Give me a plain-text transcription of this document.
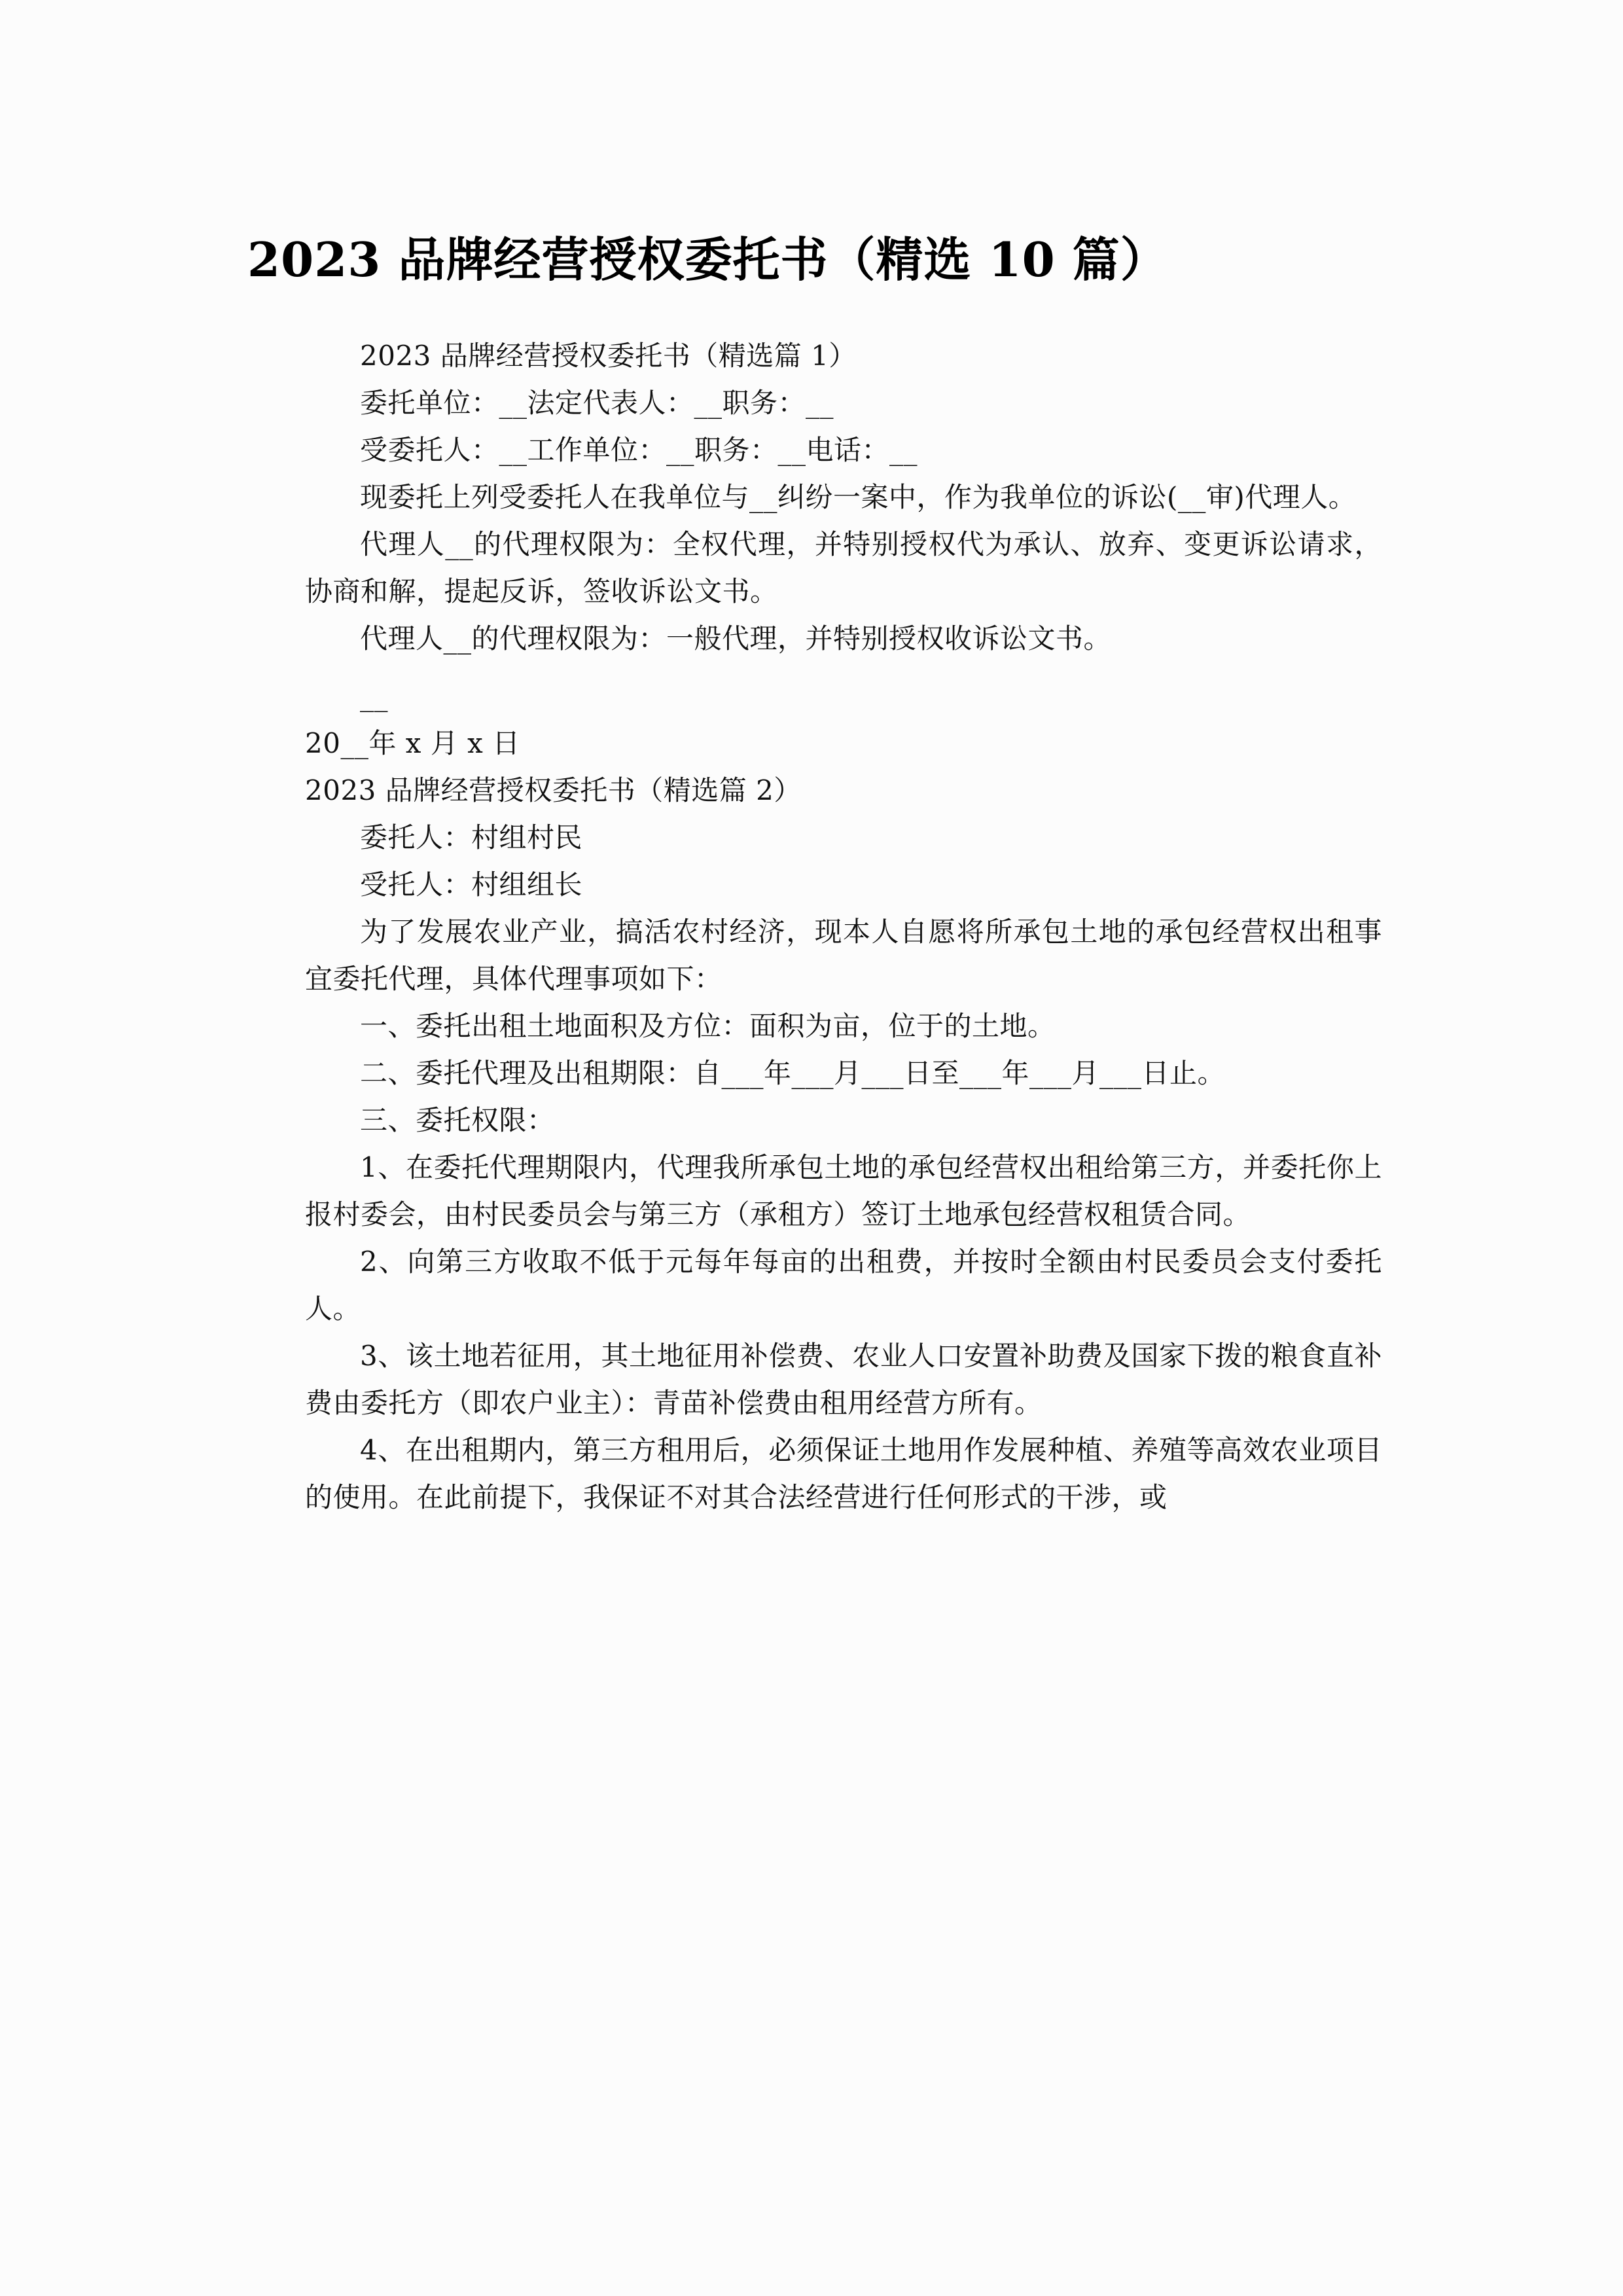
2023 品牌经营授权委托书（精选 10 篇）

2023 品牌经营授权委托书（精选篇 1）

委托单位：__法定代表人：__职务：__

受委托人：__工作单位：__职务：__电话：__

现委托上列受委托人在我单位与__纠纷一案中，作为我单位的诉讼(__审)代理人。

代理人__的代理权限为：全权代理，并特别授权代为承认、放弃、变更诉讼请求，协商和解，提起反诉，签收诉讼文书。

代理人__的代理权限为：一般代理，并特别授权收诉讼文书。

__

20__年 x 月 x 日

2023 品牌经营授权委托书（精选篇 2）

委托人：村组村民

受托人：村组组长

为了发展农业产业，搞活农村经济，现本人自愿将所承包土地的承包经营权出租事宜委托代理，具体代理事项如下：

一、委托出租土地面积及方位：面积为亩，位于的土地。

二、委托代理及出租期限：自___年___月___日至___年___月___日止。

三、委托权限：

1、在委托代理期限内，代理我所承包土地的承包经营权出租给第三方，并委托你上报村委会，由村民委员会与第三方（承租方）签订土地承包经营权租赁合同。

2、向第三方收取不低于元每年每亩的出租费，并按时全额由村民委员会支付委托人。

3、该土地若征用，其土地征用补偿费、农业人口安置补助费及国家下拨的粮食直补费由委托方（即农户业主）：青苗补偿费由租用经营方所有。

4、在出租期内，第三方租用后，必须保证土地用作发展种植、养殖等高效农业项目的使用。在此前提下，我保证不对其合法经营进行任何形式的干涉，或
